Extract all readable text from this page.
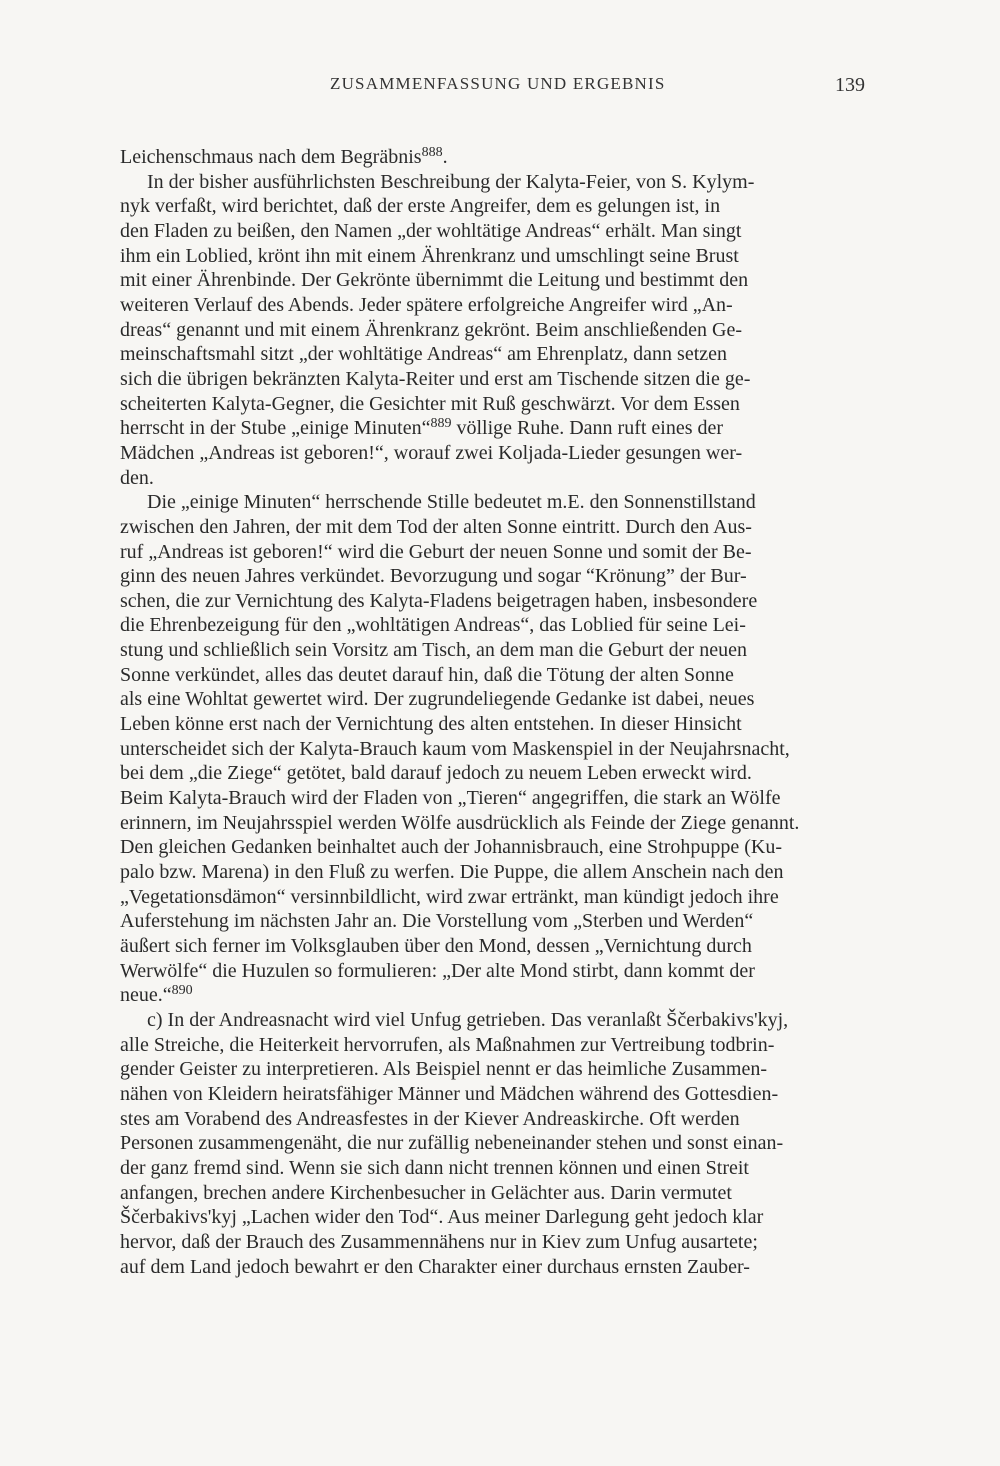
ZUSAMMENFASSUNG UND ERGEBNIS	139
Leichenschmaus nach dem Begräbnis$^{888}$.
In der bisher ausführlichsten Beschreibung der Kalyta-Feier, von S. Kylym-
nyk verfaßt, wird berichtet, daß der erste Angreifer, dem es gelungen ist, in
den Fladen zu beißen, den Namen „der wohltätige Andreas“ erhält. Man singt
ihm ein Loblied, krönt ihn mit einem Ährenkranz und umschlingt seine Brust
mit einer Ährenbinde. Der Gekrönte übernimmt die Leitung und bestimmt den
weiteren Verlauf des Abends. Jeder spätere erfolgreiche Angreifer wird „An-
dreas“ genannt und mit einem Ährenkranz gekrönt. Beim anschließenden Ge-
meinschaftsmahl sitzt „der wohltätige Andreas“ am Ehrenplatz, dann setzen
sich die übrigen bekränzten Kalyta-Reiter und erst am Tischende sitzen die ge-
scheiterten Kalyta-Gegner, die Gesichter mit Ruß geschwärzt. Vor dem Essen
herrscht in der Stube „einige Minuten“$^{889}$ völlige Ruhe. Dann ruft eines der
Mädchen „Andreas ist geboren!“, worauf zwei Koljada-Lieder gesungen wer-
den.
Die „einige Minuten“ herrschende Stille bedeutet m.E. den Sonnenstillstand
zwischen den Jahren, der mit dem Tod der alten Sonne eintritt. Durch den Aus-
ruf „Andreas ist geboren!“ wird die Geburt der neuen Sonne und somit der Be-
ginn des neuen Jahres verkündet. Bevorzugung und sogar “Krönung” der Bur-
schen, die zur Vernichtung des Kalyta-Fladens beigetragen haben, insbesondere
die Ehrenbezeigung für den „wohltätigen Andreas“, das Loblied für seine Lei-
stung und schließlich sein Vorsitz am Tisch, an dem man die Geburt der neuen
Sonne verkündet, alles das deutet darauf hin, daß die Tötung der alten Sonne
als eine Wohltat gewertet wird. Der zugrundeliegende Gedanke ist dabei, neues
Leben könne erst nach der Vernichtung des alten entstehen. In dieser Hinsicht
unterscheidet sich der Kalyta-Brauch kaum vom Maskenspiel in der Neujahrsnacht,
bei dem „die Ziege“ getötet, bald darauf jedoch zu neuem Leben erweckt wird.
Beim Kalyta-Brauch wird der Fladen von „Tieren“ angegriffen, die stark an Wölfe
erinnern, im Neujahrsspiel werden Wölfe ausdrücklich als Feinde der Ziege genannt.
Den gleichen Gedanken beinhaltet auch der Johannisbrauch, eine Strohpuppe (Ku-
palo bzw. Marena) in den Fluß zu werfen. Die Puppe, die allem Anschein nach den
„Vegetationsdämon“ versinnbildlicht, wird zwar ertränkt, man kündigt jedoch ihre
Auferstehung im nächsten Jahr an. Die Vorstellung vom „Sterben und Werden“
äußert sich ferner im Volksglauben über den Mond, dessen „Vernichtung durch
Werwölfe“ die Huzulen so formulieren: „Der alte Mond stirbt, dann kommt der
neue.“$^{890}$
c) In der Andreasnacht wird viel Unfug getrieben. Das veranlaßt Ščerbakivs'kyj,
alle Streiche, die Heiterkeit hervorrufen, als Maßnahmen zur Vertreibung todbrin-
gender Geister zu interpretieren. Als Beispiel nennt er das heimliche Zusammen-
nähen von Kleidern heiratsfähiger Männer und Mädchen während des Gottesdien-
stes am Vorabend des Andreasfestes in der Kiever Andreaskirche. Oft werden
Personen zusammengenäht, die nur zufällig nebeneinander stehen und sonst einan-
der ganz fremd sind. Wenn sie sich dann nicht trennen können und einen Streit
anfangen, brechen andere Kirchenbesucher in Gelächter aus. Darin vermutet
Ščerbakivs'kyj „Lachen wider den Tod“. Aus meiner Darlegung geht jedoch klar
hervor, daß der Brauch des Zusammennähens nur in Kiev zum Unfug ausartete;
auf dem Land jedoch bewahrt er den Charakter einer durchaus ernsten Zauber-
